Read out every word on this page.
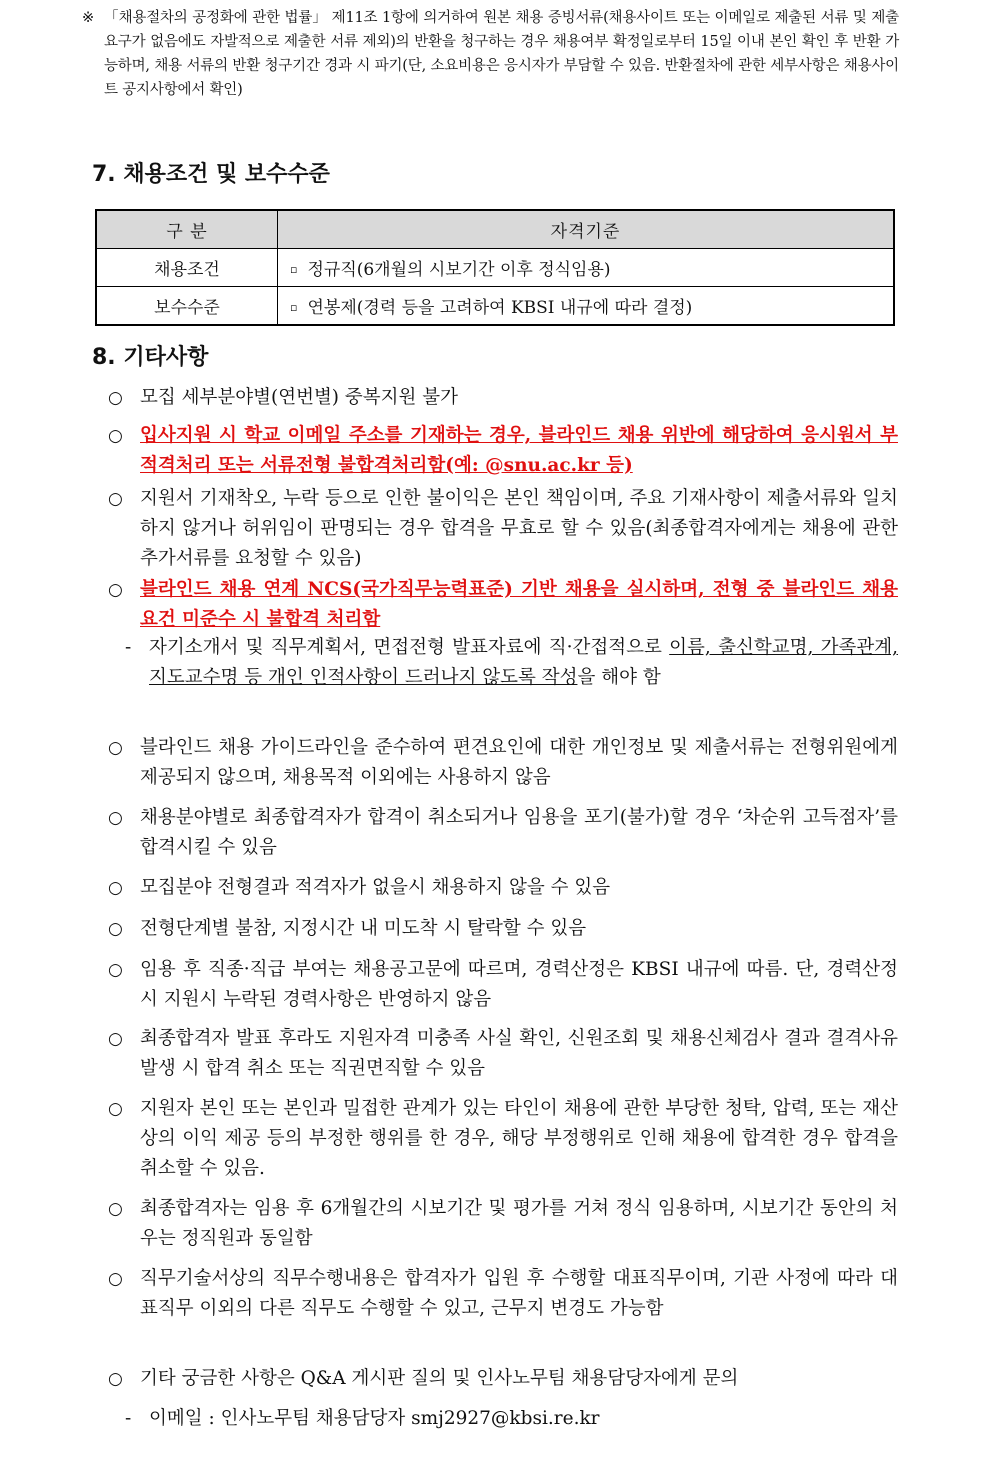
※ 「채용절차의 공정화에 관한 법률」 제11조 1항에 의거하여 원본 채용 증빙서류(채용사이트 또는 이메일로 제출된 서류 및 제출요구가 없음에도 자발적으로 제출한 서류 제외)의 반환을 청구하는 경우 채용여부 확정일로부터 15일 이내 본인 확인 후 반환 가능하며, 채용 서류의 반환 청구기간 경과 시 파기(단, 소요비용은 응시자가 부담할 수 있음. 반환절차에 관한 세부사항은 채용사이트 공지사항에서 확인)
7. 채용조건 및 보수수준
구 분	자격기준
채용조건	▫ 정규직(6개월의 시보기간 이후 정식임용)
보수수준	▫ 연봉제(경력 등을 고려하여 KBSI 내규에 따라 결정)
8. 기타사항
○ 모집 세부분야별(연번별) 중복지원 불가
○ 입사지원 시 학교 이메일 주소를 기재하는 경우, 블라인드 채용 위반에 해당하여 응시원서 부적격처리 또는 서류전형 불합격처리함(예: @snu.ac.kr 등)
○ 지원서 기재착오, 누락 등으로 인한 불이익은 본인 책임이며, 주요 기재사항이 제출서류와 일치하지 않거나 허위임이 판명되는 경우 합격을 무효로 할 수 있음(최종합격자에게는 채용에 관한 추가서류를 요청할 수 있음)
○ 블라인드 채용 연계 NCS(국가직무능력표준) 기반 채용을 실시하며, 전형 중 블라인드 채용 요건 미준수 시 불합격 처리함
- 자기소개서 및 직무계획서, 면접전형 발표자료에 직·간접적으로 이름, 출신학교명, 가족관계, 지도교수명 등 개인 인적사항이 드러나지 않도록 작성을 해야 함
○ 블라인드 채용 가이드라인을 준수하여 편견요인에 대한 개인정보 및 제출서류는 전형위원에게 제공되지 않으며, 채용목적 이외에는 사용하지 않음
○ 채용분야별로 최종합격자가 합격이 취소되거나 임용을 포기(불가)할 경우 ‘차순위 고득점자’를 합격시킬 수 있음
○ 모집분야 전형결과 적격자가 없을시 채용하지 않을 수 있음
○ 전형단계별 불참, 지정시간 내 미도착 시 탈락할 수 있음
○ 임용 후 직종·직급 부여는 채용공고문에 따르며, 경력산정은 KBSI 내규에 따름. 단, 경력산정시 지원시 누락된 경력사항은 반영하지 않음
○ 최종합격자 발표 후라도 지원자격 미충족 사실 확인, 신원조회 및 채용신체검사 결과 결격사유 발생 시 합격 취소 또는 직권면직할 수 있음
○ 지원자 본인 또는 본인과 밀접한 관계가 있는 타인이 채용에 관한 부당한 청탁, 압력, 또는 재산상의 이익 제공 등의 부정한 행위를 한 경우, 해당 부정행위로 인해 채용에 합격한 경우 합격을 취소할 수 있음.
○ 최종합격자는 임용 후 6개월간의 시보기간 및 평가를 거쳐 정식 임용하며, 시보기간 동안의 처우는 정직원과 동일함
○ 직무기술서상의 직무수행내용은 합격자가 입원 후 수행할 대표직무이며, 기관 사정에 따라 대표직무 이외의 다른 직무도 수행할 수 있고, 근무지 변경도 가능함
○ 기타 궁금한 사항은 Q&A 게시판 질의 및 인사노무팀 채용담당자에게 문의
- 이메일 : 인사노무팀 채용담당자 smj2927@kbsi.re.kr
